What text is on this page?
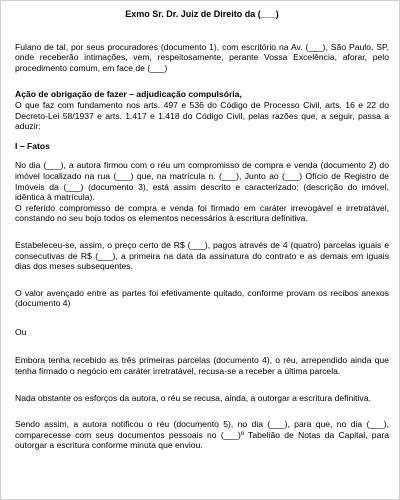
Exmo Sr. Dr. Juiz de Direito da (___)

Fulano de tal, por seus procuradores (documento 1), com escritório na Av. (___), São Paulo, SP, onde receberão intimações, vem, respeitosamente, perante Vossa Excelência, aforar, pelo procedimento comum, em face de (___)

Ação de obrigação de fazer – adjudicação compulsória,

O que faz com fundamento nos arts. 497 e 536 do Código de Processo Civil, arts. 16 e 22 do Decreto-Lei 58/1937 e arts. 1.417 e 1.418 do Código Civil, pelas razões que, a seguir, passa a aduzir:

I – Fatos

No dia (___), a autora firmou com o réu um compromisso de compra e venda (documento 2) do imóvel localizado na rua (___) que, na matrícula n. (___), Junto ao (___) Ofício de Registro de Imóveis da (___) (documento 3), está assim descrito e caracterizado: (descrição do imóvel, idêntica à matrícula).

O referido compromisso de compra e venda foi firmado em caráter irrevogável e irretratável, constando no seu bojo todos os elementos necessários à escritura definitiva.

Estabeleceu-se, assim, o preço certo de R$ (___), pagos através de 4 (quatro) parcelas iguais e consecutivas de R$ (___), a primeira na data da assinatura do contrato e as demais em iguais dias dos meses subsequentes.

O valor avençado entre as partes foi efetivamente quitado, conforme provam os recibos anexos (documento 4)

Ou

Embora tenha recebido as três primeiras parcelas (documento 4), o réu, arrependido ainda que tenha firmado o negócio em caráter irretratável, recusa-se a receber a última parcela.

Nada obstante os esforços da autora, o réu se recusa, ainda, a outorgar a escritura definitiva.

Sendo assim, a autora notificou o réu (documento 5), no dia (___), para que, no dia (___), comparecesse com seus documentos pessoais no (___)º Tabelião de Notas da Capital, para outorgar a escritura conforme minuta que enviou.
